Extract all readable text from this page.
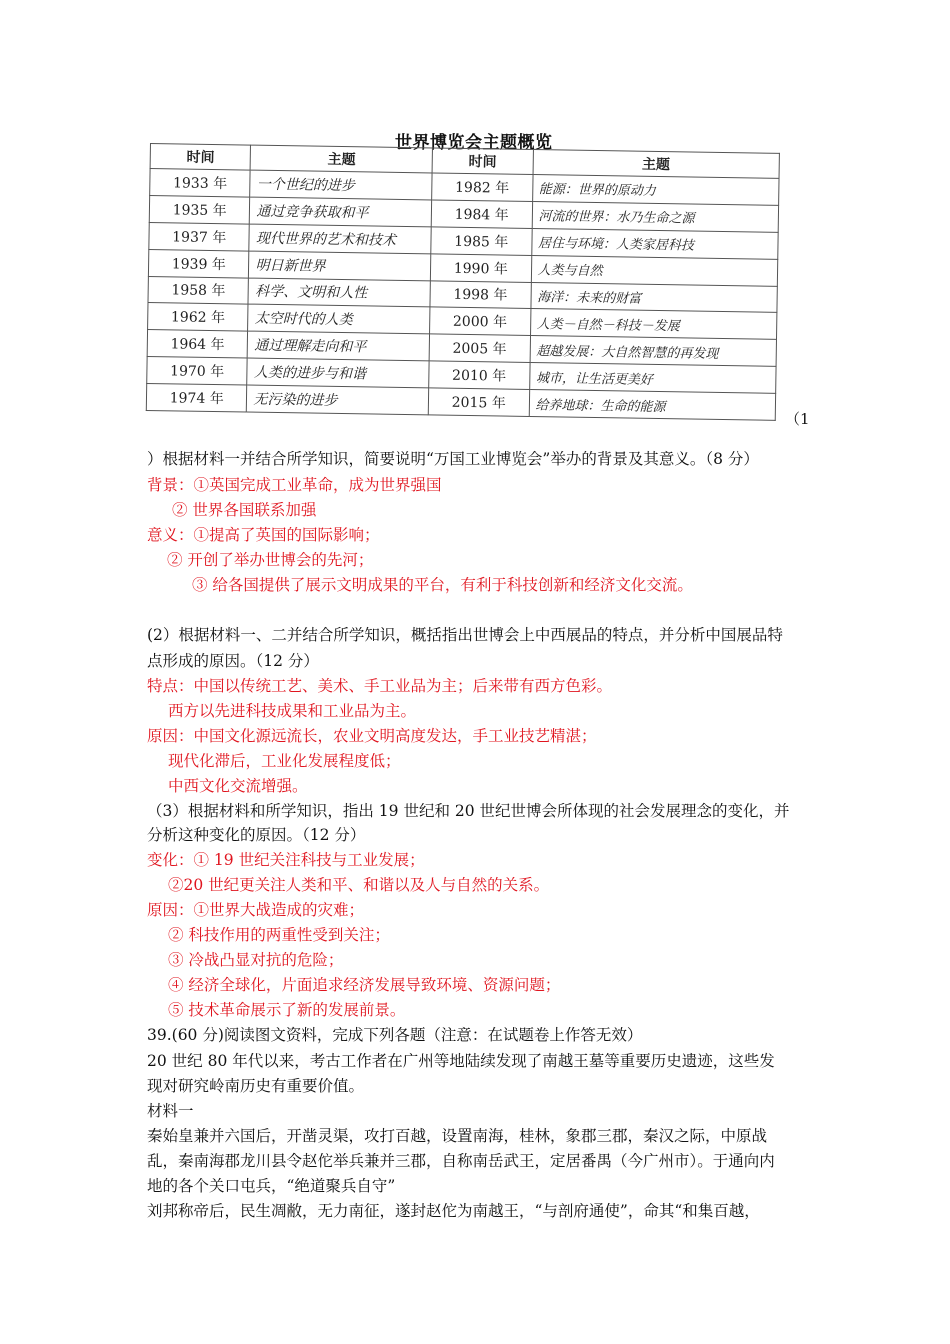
世界博览会主题概览
时间	主题	时间	主题
1933 年	一个世纪的进步	1982 年	能源：世界的原动力
1935 年	通过竞争获取和平	1984 年	河流的世界：水乃生命之源
1937 年	现代世界的艺术和技术	1985 年	居住与环境：人类家居科技
1939 年	明日新世界	1990 年	人类与自然
1958 年	科学、文明和人性	1998 年	海洋：未来的财富
1962 年	太空时代的人类	2000 年	人类－自然－科技－发展
1964 年	通过理解走向和平	2005 年	超越发展：大自然智慧的再发现
1970 年	人类的进步与和谐	2010 年	城市，让生活更美好
1974 年	无污染的进步	2015 年	给养地球：生命的能源
（1
）根据材料一并结合所学知识，简要说明“万国工业博览会”举办的背景及其意义。（8 分）
背景：①英国完成工业革命，成为世界强国
② 世界各国联系加强
意义：①提高了英国的国际影响；
② 开创了举办世博会的先河；
③ 给各国提供了展示文明成果的平台，有利于科技创新和经济文化交流。
(2）根据材料一、二并结合所学知识，概括指出世博会上中西展品的特点，并分析中国展品特
点形成的原因。（12 分）
特点：中国以传统工艺、美术、手工业品为主；后来带有西方色彩。
西方以先进科技成果和工业品为主。
原因：中国文化源远流长，农业文明高度发达，手工业技艺精湛；
现代化滞后，工业化发展程度低；
中西文化交流增强。
（3）根据材料和所学知识，指出 19 世纪和 20 世纪世博会所体现的社会发展理念的变化，并
分析这种变化的原因。（12 分）
变化：① 19 世纪关注科技与工业发展；
②20 世纪更关注人类和平、和谐以及人与自然的关系。
原因：①世界大战造成的灾难；
② 科技作用的两重性受到关注；
③ 冷战凸显对抗的危险；
④ 经济全球化，片面追求经济发展导致环境、资源问题；
⑤ 技术革命展示了新的发展前景。
39.(60 分)阅读图文资料，完成下列各题（注意：在试题卷上作答无效）
20 世纪 80 年代以来，考古工作者在广州等地陆续发现了南越王墓等重要历史遗迹，这些发
现对研究岭南历史有重要价值。
材料一
秦始皇兼并六国后，开凿灵渠，攻打百越，设置南海，桂林，象郡三郡，秦汉之际，中原战
乱，秦南海郡龙川县令赵佗举兵兼并三郡，自称南岳武王，定居番禺（今广州市）。于通向内
地的各个关口屯兵，“绝道聚兵自守”
刘邦称帝后，民生凋敝，无力南征，遂封赵佗为南越王，“与剖府通使”，命其“和集百越，
